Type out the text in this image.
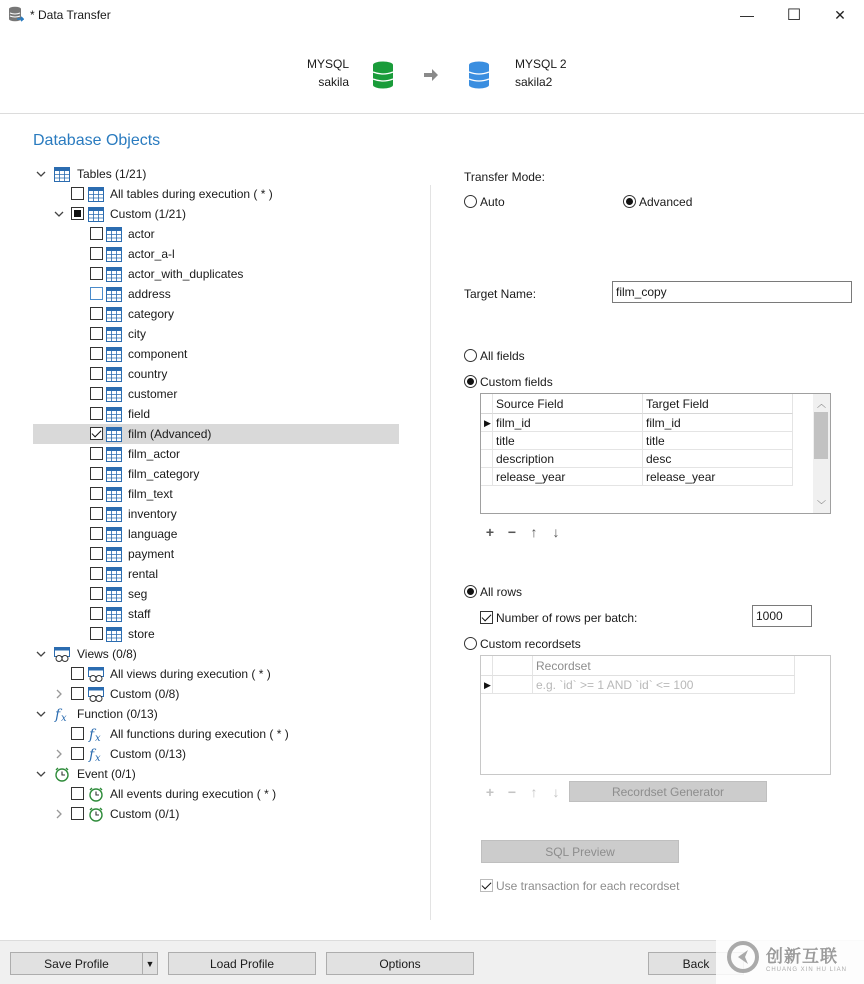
* Data Transfer	—	☐	✕
MYSQL
sakila
MYSQL 2
sakila2
Database Objects
Tables (1/21)
All tables during execution ( * )
Custom (1/21)
actor
actor_a-l
actor_with_duplicates
address
category
city
component
country
customer
field
film (Advanced)
film_actor
film_category
film_text
inventory
language
payment
rental
seg
staff
store
Views (0/8)
All views during execution ( * )
Custom (0/8)
f x Function (0/13)
f x All functions during execution ( * )
f x Custom (0/13)
Event (0/1)
All events during execution ( * )
Custom (0/1)
Transfer Mode:
Auto	Advanced
Target Name:	film_copy
All fields
Custom fields
Source Field	Target Field
▶ film_id	film_id
title	title
description	desc
release_year	release_year
︿
﹀
+ −	↑	↓
All rows
Number of rows per batch:	1000
Custom recordsets
Recordset
▶	e.g. `id` >= 1 AND `id` <= 100
+ −	↑	↓	Recordset Generator
SQL Preview
Use transaction for each recordset
Save Profile	▼	Load Profile	Options	Back	创新互联
CHUANG XIN HU LIAN
